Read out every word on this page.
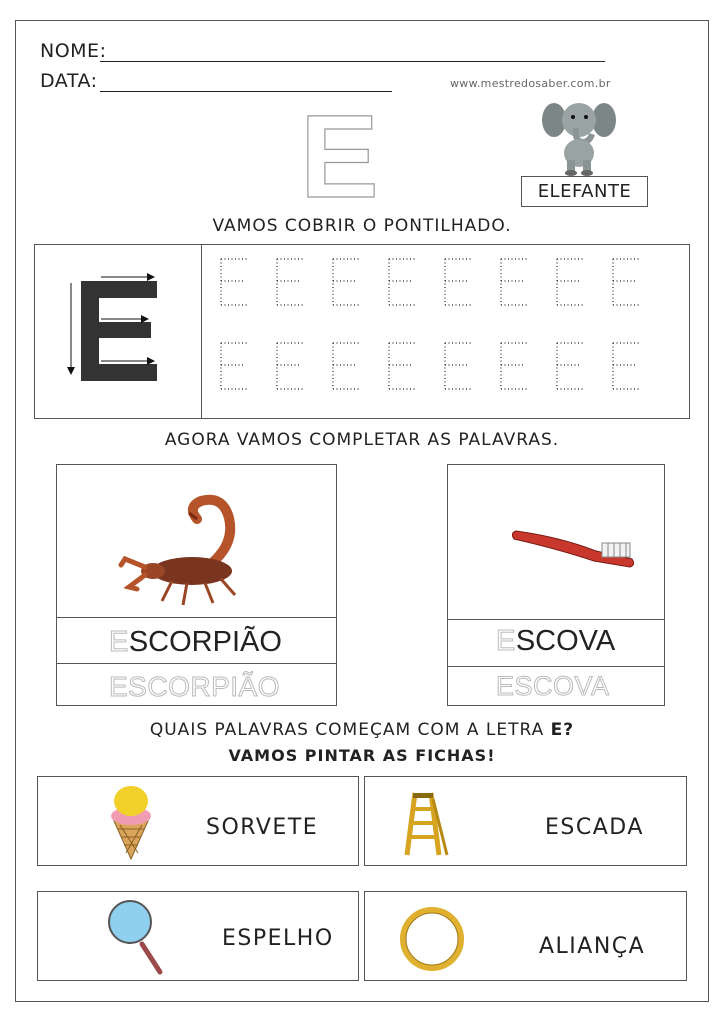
NOME:
DATA:	www.mestredosaber.com.br
E	ELEFANTE
VAMOS COBRIR O PONTILHADO.
AGORA VAMOS COMPLETAR AS PALAVRAS.
ESCORPIÃO
ESCORPIÃO
ESCOVA
ESCOVA
QUAIS PALAVRAS COMEÇAM COM A LETRA E?
VAMOS PINTAR AS FICHAS!
SORVETE	ESCADA
ESPELHO	ALIANÇA
